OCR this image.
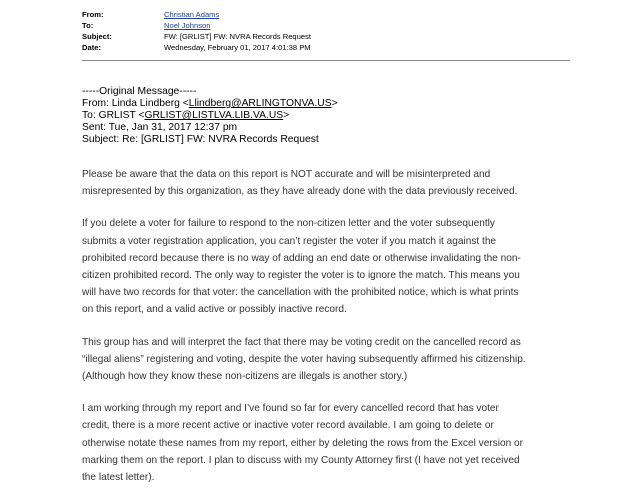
From:	Christian Adams
To:	Noel Johnson
Subject:	FW: [GRLIST] FW: NVRA Records Request
Date:	Wednesday, February 01, 2017 4:01:38 PM
-----Original Message-----
From: Linda Lindberg <Llindberg@ARLINGTONVA.US>
To: GRLIST <GRLIST@LISTLVA.LIB.VA.US>
Sent: Tue, Jan 31, 2017 12:37 pm
Subject: Re: [GRLIST] FW: NVRA Records Request

Please be aware that the data on this report is NOT accurate and will be misinterpreted and
misrepresented by this organization, as they have already done with the data previously received.

If you delete a voter for failure to respond to the non-citizen letter and the voter subsequently
submits a voter registration application, you can’t register the voter if you match it against the
prohibited record because there is no way of adding an end date or otherwise invalidating the non-
citizen prohibited record. The only way to register the voter is to ignore the match. This means you
will have two records for that voter: the cancellation with the prohibited notice, which is what prints
on this report, and a valid active or possibly inactive record.

This group has and will interpret the fact that there may be voting credit on the cancelled record as
“illegal aliens” registering and voting, despite the voter having subsequently affirmed his citizenship.
(Although how they know these non-citizens are illegals is another story.)

I am working through my report and I’ve found so far for every cancelled record that has voter
credit, there is a more recent active or inactive voter record available. I am going to delete or
otherwise notate these names from my report, either by deleting the rows from the Excel version or
marking them on the report. I plan to discuss with my County Attorney first (I have not yet received
the latest letter).
